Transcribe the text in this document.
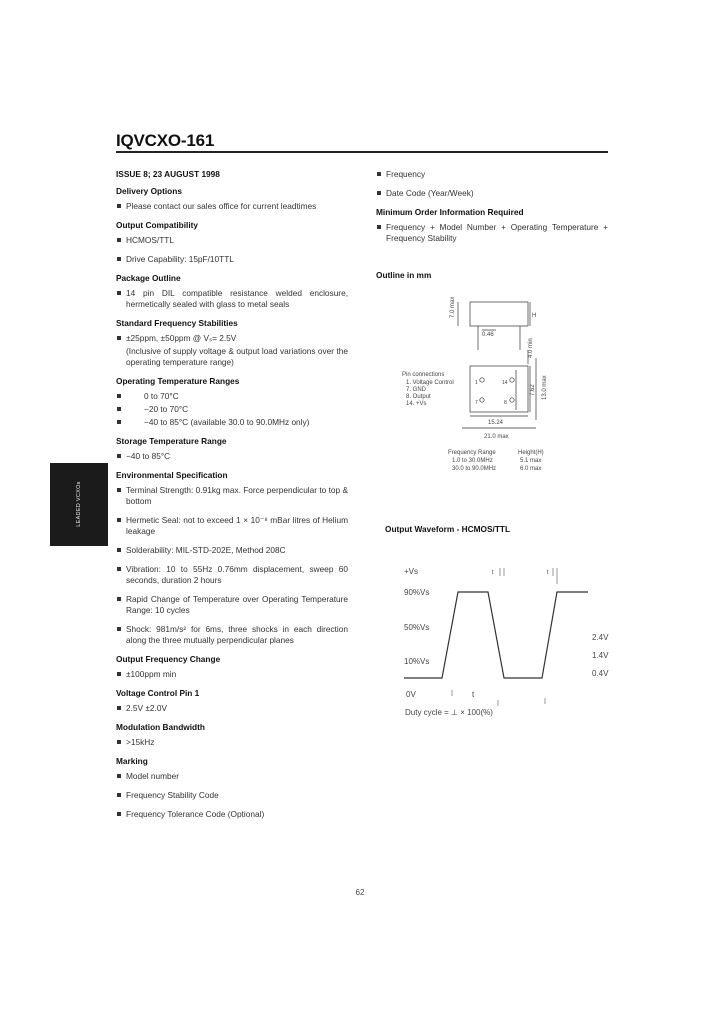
IQVCXO-161
LEADED VCXOs
ISSUE 8; 23 AUGUST 1998
Delivery Options
Please contact our sales office for current leadtimes
Output Compatibility
HCMOS/TTL
Drive Capability: 15pF/10TTL
Package Outline
14 pin DIL compatible resistance welded enclosure, hermetically sealed with glass to metal seals
Standard Frequency Stabilities
±25ppm, ±50ppm @ Vₛ= 2.5V
(Inclusive of supply voltage & output load variations over the operating temperature range)
Operating Temperature Ranges
0 to 70°C
−20 to 70°C
−40 to 85°C (available 30.0 to 90.0MHz only)
Storage Temperature Range
−40 to 85°C
Environmental Specification
Terminal Strength: 0.91kg max. Force perpendicular to top & bottom
Hermetic Seal: not to exceed 1 × 10⁻⁸ mBar litres of Helium leakage
Solderability: MIL-STD-202E, Method 208C
Vibration: 10 to 55Hz 0.76mm displacement, sweep 60 seconds, duration 2 hours
Rapid Change of Temperature over Operating Temperature Range: 10 cycles
Shock: 981m/s² for 6ms, three shocks in each direction along the three mutually perpendicular planes
Output Frequency Change
±100ppm min
Voltage Control Pin 1
2.5V ±2.0V
Modulation Bandwidth
>15kHz
Marking
Model number
Frequency Stability Code
Frequency Tolerance Code (Optional)
Frequency
Date Code (Year/Week)
Minimum Order Information Required
Frequency + Model Number + Operating Temperature + Frequency Stability
Outline in mm
7.0 max	H
0.46
4.0 min
7.62 13.0 max
15.24
21.0 max
Pin connections
1. Voltage Control
7. GND
8. Output
14. +Vs
1
7	8
14
Frequency Range	Height(H)
1.0 to 30.0MHz	5.1 max
30.0 to 90.0MHz	6.0 max
Output Waveform - HCMOS/TTL
+Vs
90%Vs
50%Vs
10%Vs
0V
2.4V
1.4V
0.4V
t	t
t
Duty cycle = ⊥ × 100(%)
62
